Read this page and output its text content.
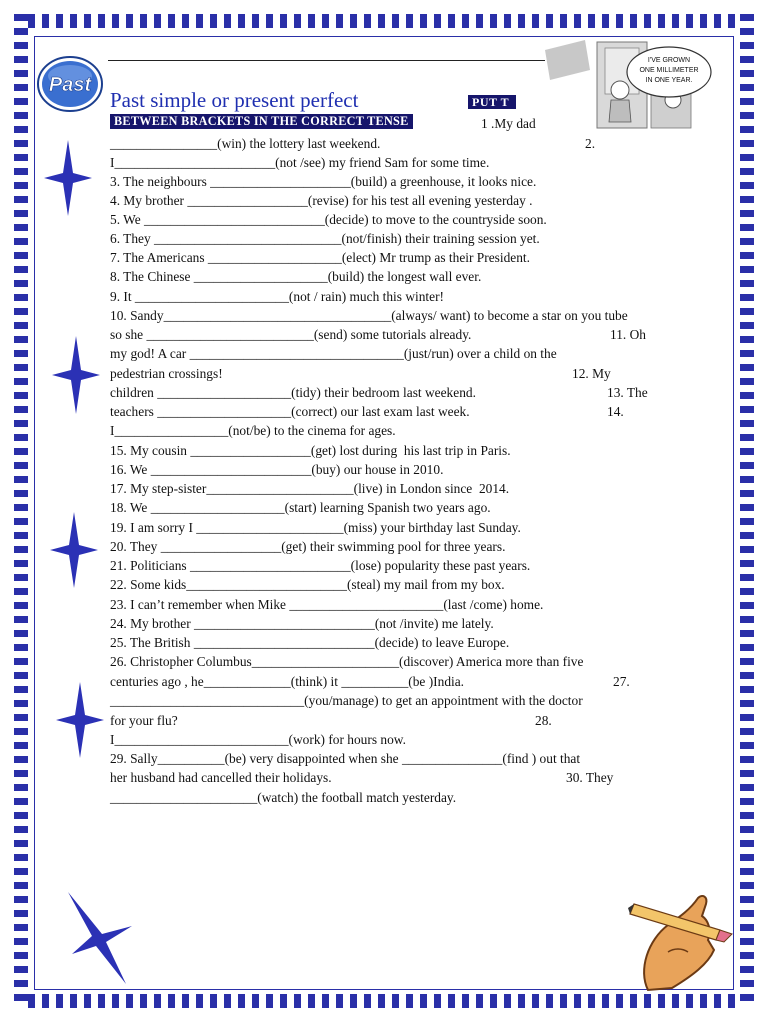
Past
I'VE GROWN
ONE MILLIMETER
IN ONE YEAR.
Past simple or present perfect	PUT T
BETWEEN BRACKETS IN THE CORRECT TENSE	1 .My dad
2.
11. Oh
12. My
13. The
14.
27.
28.
30. They
________________(win) the lottery last weekend.
I________________________(not /see) my friend Sam for some time.
3. The neighbours _____________________(build) a greenhouse, it looks nice.
4. My brother __________________(revise) for his test all evening yesterday .
5. We ___________________________(decide) to move to the countryside soon.
6. They ____________________________(not/finish) their training session yet.
7. The Americans ____________________(elect) Mr trump as their President.
8. The Chinese ____________________(build) the longest wall ever.
9. It _______________________(not / rain) much this winter!
10. Sandy__________________________________(always/ want) to become a star on you tube
so she _________________________(send) some tutorials already.
my god! A car ________________________________(just/run) over a child on the
pedestrian crossings!
children ____________________(tidy) their bedroom last weekend.
teachers ____________________(correct) our last exam last week.
I_________________(not/be) to the cinema for ages.
15. My cousin __________________(get) lost during  his last trip in Paris.
16. We ________________________(buy) our house in 2010.
17. My step-sister______________________(live) in London since  2014.
18. We ____________________(start) learning Spanish two years ago.
19. I am sorry I ______________________(miss) your birthday last Sunday.
20. They __________________(get) their swimming pool for three years.
21. Politicians ________________________(lose) popularity these past years.
22. Some kids________________________(steal) my mail from my box.
23. I can’t remember when Mike _______________________(last /come) home.
24. My brother ___________________________(not /invite) me lately.
25. The British ___________________________(decide) to leave Europe.
26. Christopher Columbus______________________(discover) America more than five
centuries ago , he_____________(think) it __________(be )India.
_____________________________(you/manage) to get an appointment with the doctor
for your flu?
I__________________________(work) for hours now.
29. Sally__________(be) very disappointed when she _______________(find ) out that
her husband had cancelled their holidays.
______________________(watch) the football match yesterday.
